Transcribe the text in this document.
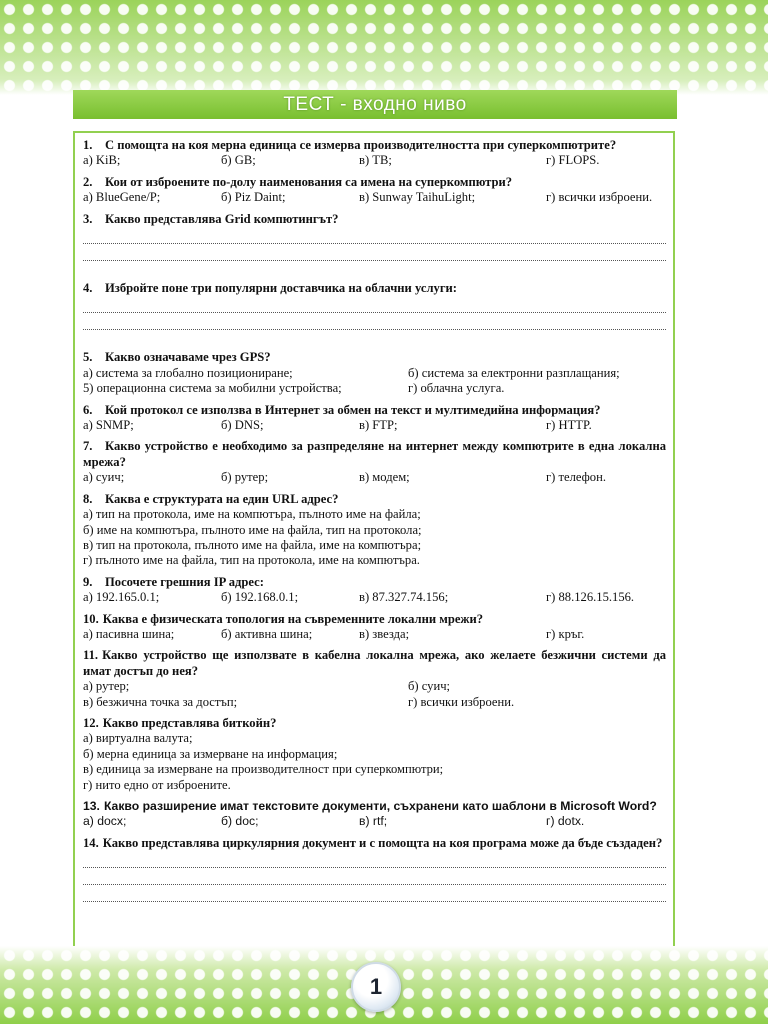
ТЕСТ - входно ниво
1. С помощта на коя мерна единица се измерва производителността при суперкомпютрите?
а) KiB;	б) GB;	в) TB;	г) FLOPS.
2. Кои от изброените по-долу наименования са имена на суперкомпютри?
а) BlueGene/P;	б) Piz Daint;	в) Sunway TaihuLight;	г) всички изброени.
3. Какво представлява Grid компютингът?
4. Избройте поне три популярни доставчика на облачни услуги:
5. Какво означаваме чрез GPS?
а) система за глобално позициониране;	б) система за електронни разплащания;
5) операционна система за мобилни устройства;	г) облачна услуга.
6. Кой протокол се използва в Интернет за обмен на текст и мултимедийна информация?
а) SNMP;	б) DNS;	в) FTP;	г) HTTP.
7. Какво устройство е необходимо за разпределяне на интернет между компютрите в една локална мрежа?
а) суич;	б) рутер;	в) модем;	г) телефон.
8. Каква е структурата на един URL адрес?
а) тип на протокола, име на компютъра, пълното име на файла;
б) име на компютъра, пълното име на файла, тип на протокола;
в) тип на протокола, пълното име на файла, име на компютъра;
г) пълното име на файла, тип на протокола, име на компютъра.
9. Посочете грешния IP адрес:
а) 192.165.0.1;	б) 192.168.0.1;	в) 87.327.74.156;	г) 88.126.15.156.
10. Каква е физическата топология на съвременните локални мрежи?
а) пасивна шина;	б) активна шина;	в) звезда;	г) кръг.
11. Какво устройство ще използвате в кабелна локална мрежа, ако желаете безжични системи да имат достъп до нея?
а) рутер;	б) суич;
в) безжична точка за достъп;	г) всички изброени.
12. Какво представлява биткойн?
а) виртуална валута;
б) мерна единица за измерване на информация;
в) единица за измерване на производителност при суперкомпютри;
г) нито едно от изброените.
13. Какво разширение имат текстовите документи, съхранени като шаблони в Microsoft Word?
а) docx;	б) doc;	в) rtf;	г) dotx.
14. Какво представлява циркулярния документ и с помощта на коя програма може да бъде създаден?
1
